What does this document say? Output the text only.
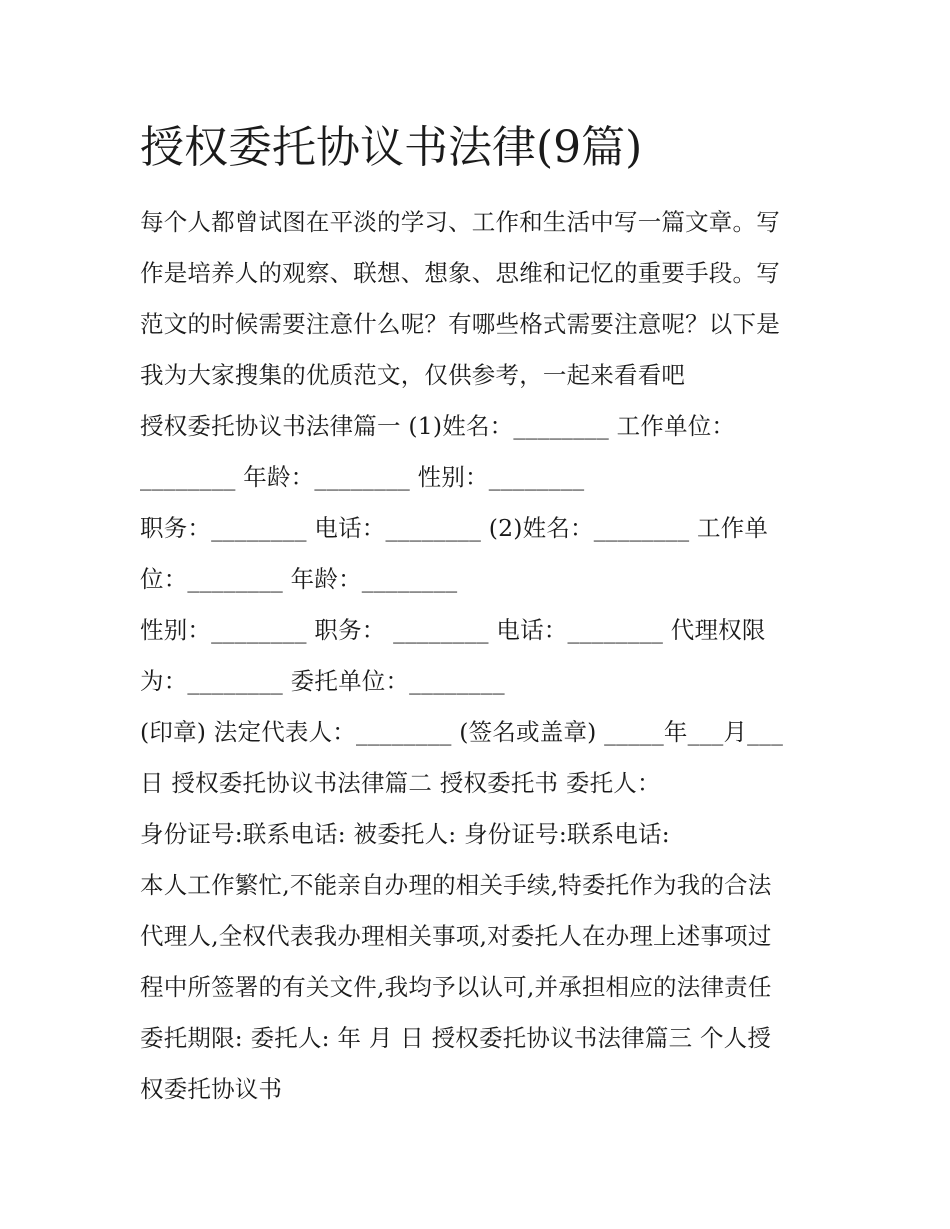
授权委托协议书法律(9篇)

每个人都曾试图在平淡的学习、工作和生活中写一篇文章。写

作是培养人的观察、联想、想象、思维和记忆的重要手段。写

范文的时候需要注意什么呢？有哪些格式需要注意呢？以下是

我为大家搜集的优质范文，仅供参考，一起来看看吧

授权委托协议书法律篇一 (1)姓名：________ 工作单位：

________ 年龄：________ 性别：________

职务：________ 电话：________ (2)姓名：________ 工作单

位：________ 年龄：________

性别：________ 职务： ________ 电话：________ 代理权限

为：________ 委托单位：________

(印章) 法定代表人：________ (签名或盖章) _____年___月___

日 授权委托协议书法律篇二 授权委托书 委托人：

身份证号:联系电话: 被委托人: 身份证号:联系电话:

本人工作繁忙,不能亲自办理的相关手续,特委托作为我的合法

代理人,全权代表我办理相关事项,对委托人在办理上述事项过

程中所签署的有关文件,我均予以认可,并承担相应的法律责任

委托期限: 委托人: 年 月 日 授权委托协议书法律篇三 个人授

权委托协议书
